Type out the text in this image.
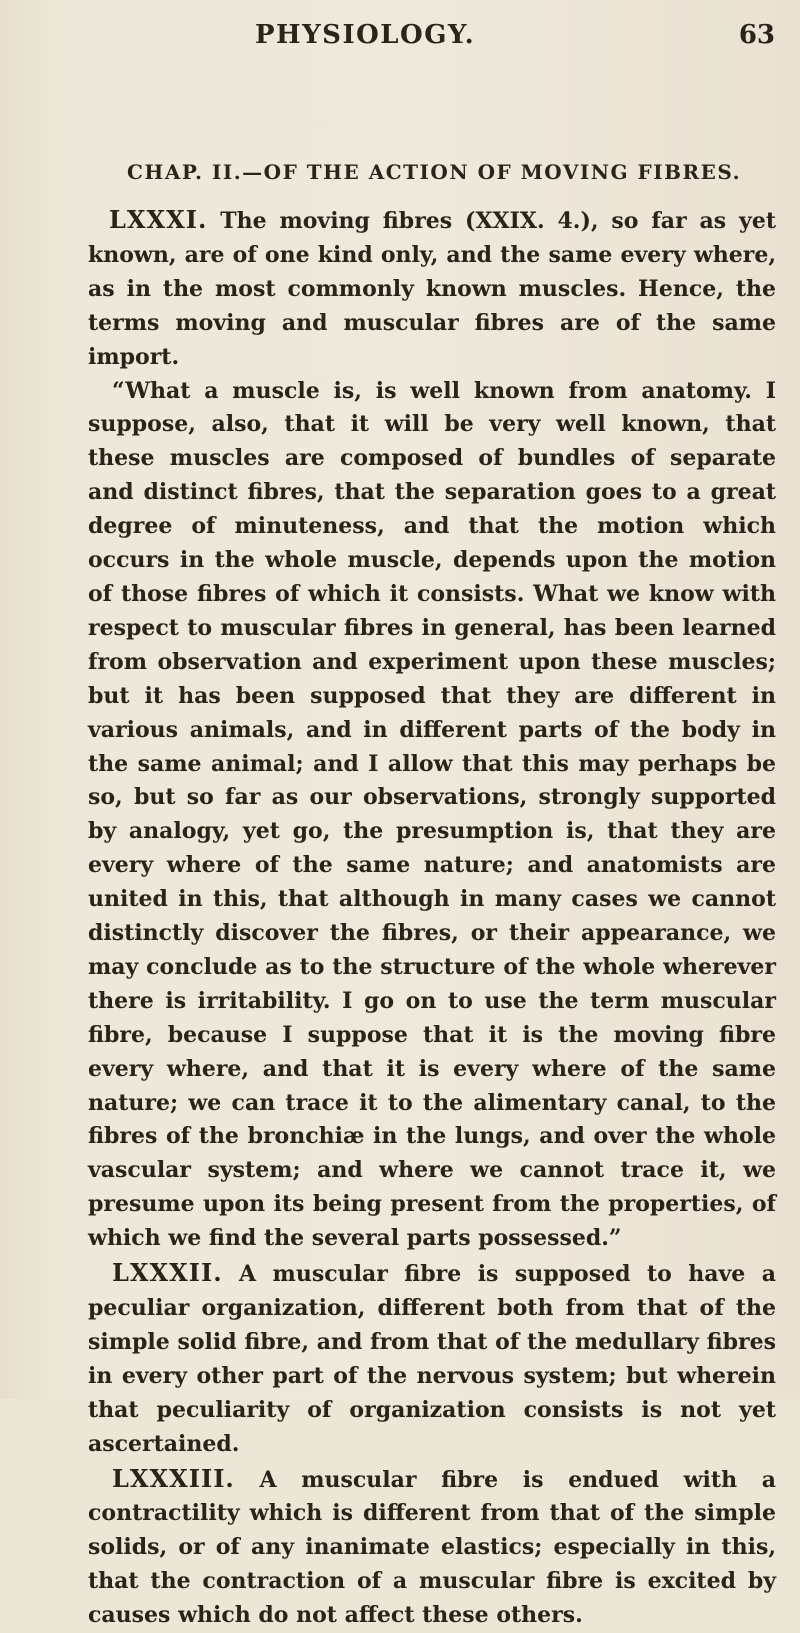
PHYSIOLOGY.	63
CHAP. II.—OF THE ACTION OF MOVING FIBRES.

LXXXI. The moving fibres (XXIX. 4.), so far as yet known, are of one kind only, and the same every where, as in the most commonly known muscles. Hence, the terms moving and muscular fibres are of the same import.

“What a muscle is, is well known from anatomy. I suppose, also, that it will be very well known, that these muscles are composed of bundles of separate and distinct fibres, that the separation goes to a great degree of minuteness, and that the motion which occurs in the whole muscle, depends upon the motion of those fibres of which it consists. What we know with respect to muscular fibres in general, has been learned from observation and experiment upon these muscles; but it has been supposed that they are different in various animals, and in different parts of the body in the same animal; and I allow that this may perhaps be so, but so far as our observations, strongly supported by analogy, yet go, the presumption is, that they are every where of the same nature; and anatomists are united in this, that although in many cases we cannot distinctly discover the fibres, or their appearance, we may conclude as to the structure of the whole wherever there is irritability. I go on to use the term muscular fibre, because I suppose that it is the moving fibre every where, and that it is every where of the same nature; we can trace it to the alimentary canal, to the fibres of the bronchiæ in the lungs, and over the whole vascular system; and where we cannot trace it, we presume upon its being present from the properties, of which we find the several parts possessed.”

LXXXII. A muscular fibre is supposed to have a peculiar organization, different both from that of the simple solid fibre, and from that of the medullary fibres in every other part of the nervous system; but wherein that peculiarity of organization consists is not yet ascertained.

LXXXIII. A muscular fibre is endued with a contractility which is different from that of the simple solids, or of any inanimate elastics; especially in this, that the contraction of a muscular fibre is excited by causes which do not affect these others.
